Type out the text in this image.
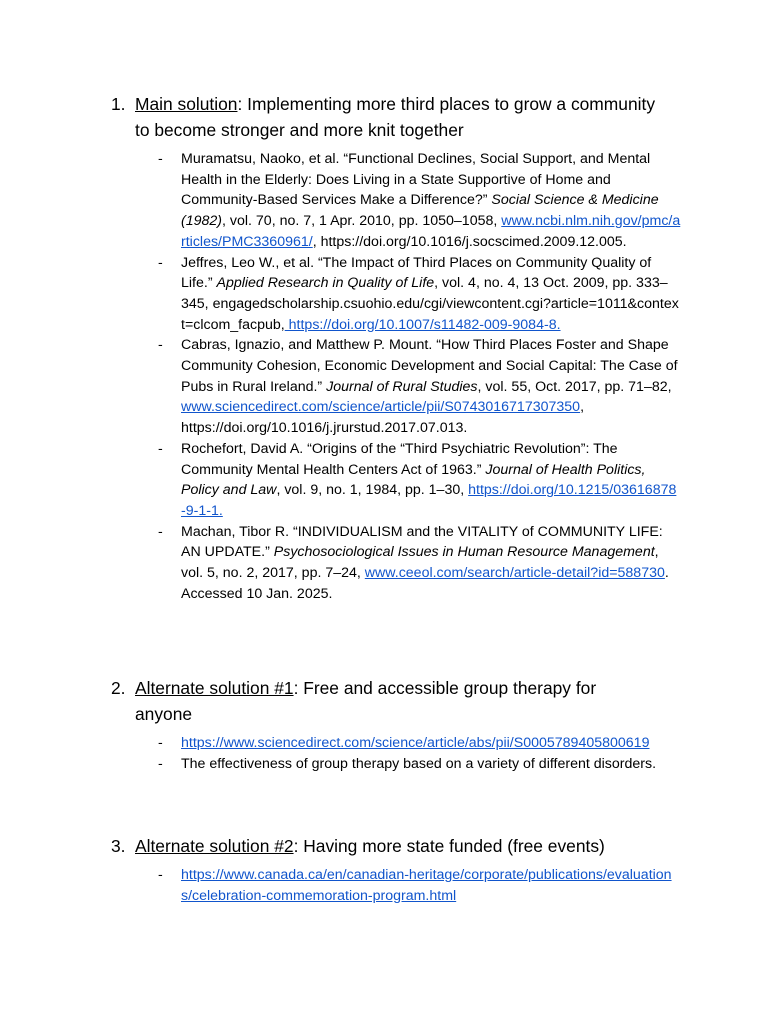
1. Main solution: Implementing more third places to grow a community to become stronger and more knit together
- Muramatsu, Naoko, et al. “Functional Declines, Social Support, and Mental Health in the Elderly: Does Living in a State Supportive of Home and Community-Based Services Make a Difference?” Social Science & Medicine (1982), vol. 70, no. 7, 1 Apr. 2010, pp. 1050–1058, www.ncbi.nlm.nih.gov/pmc/articles/PMC3360961/, https://doi.org/10.1016/j.socscimed.2009.12.005.
- Jeffres, Leo W., et al. “The Impact of Third Places on Community Quality of Life.” Applied Research in Quality of Life, vol. 4, no. 4, 13 Oct. 2009, pp. 333–345, engagedscholarship.csuohio.edu/cgi/viewcontent.cgi?article=1011&context=clcom_facpub, https://doi.org/10.1007/s11482-009-9084-8.
- Cabras, Ignazio, and Matthew P. Mount. “How Third Places Foster and Shape Community Cohesion, Economic Development and Social Capital: The Case of Pubs in Rural Ireland.” Journal of Rural Studies, vol. 55, Oct. 2017, pp. 71–82, www.sciencedirect.com/science/article/pii/S0743016717307350, https://doi.org/10.1016/j.jrurstud.2017.07.013.
- Rochefort, David A. “Origins of the “Third Psychiatric Revolution”: The Community Mental Health Centers Act of 1963.” Journal of Health Politics, Policy and Law, vol. 9, no. 1, 1984, pp. 1–30, https://doi.org/10.1215/03616878-9-1-1.
- Machan, Tibor R. “INDIVIDUALISM and the VITALITY of COMMUNITY LIFE: AN UPDATE.” Psychosociological Issues in Human Resource Management, vol. 5, no. 2, 2017, pp. 7–24, www.ceeol.com/search/article-detail?id=588730. Accessed 10 Jan. 2025.
2. Alternate solution #1: Free and accessible group therapy for anyone
- https://www.sciencedirect.com/science/article/abs/pii/S0005789405800619
- The effectiveness of group therapy based on a variety of different disorders.
3. Alternate solution #2: Having more state funded (free events)
- https://www.canada.ca/en/canadian-heritage/corporate/publications/evaluations/celebration-commemoration-program.html
